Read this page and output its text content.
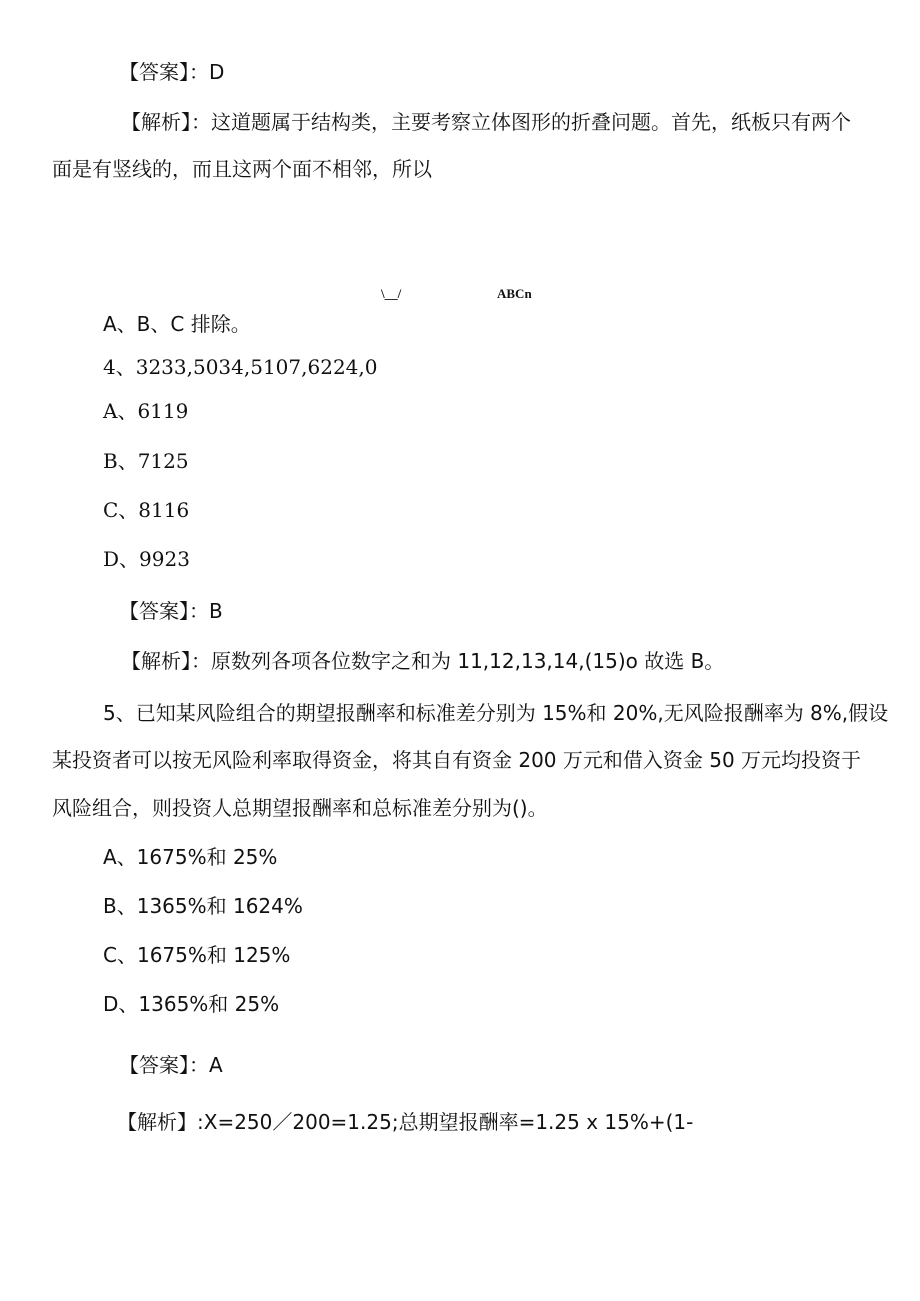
【答案】：D
【解析】：这道题属于结构类，主要考察立体图形的折叠问题。首先，纸板只有两个
面是有竖线的，而且这两个面不相邻，所以
\__/	ABCn
A、B、C 排除。
4、3233,5034,5107,6224,0
A、6119
B、7125
C、8116
D、9923
【答案】：B
【解析】：原数列各项各位数字之和为 11,12,13,14,(15)o 故选 B。
5、已知某风险组合的期望报酬率和标准差分别为 15%和 20%,无风险报酬率为 8%,假设
某投资者可以按无风险利率取得资金，将其自有资金 200 万元和借入资金 50 万元均投资于
风险组合，则投资人总期望报酬率和总标准差分别为()。
A、1675%和 25%
B、1365%和 1624%
C、1675%和 125%
D、1365%和 25%
【答案】：A
【解析】:X=250／200=1.25;总期望报酬率=1.25 x 15%+(1-
